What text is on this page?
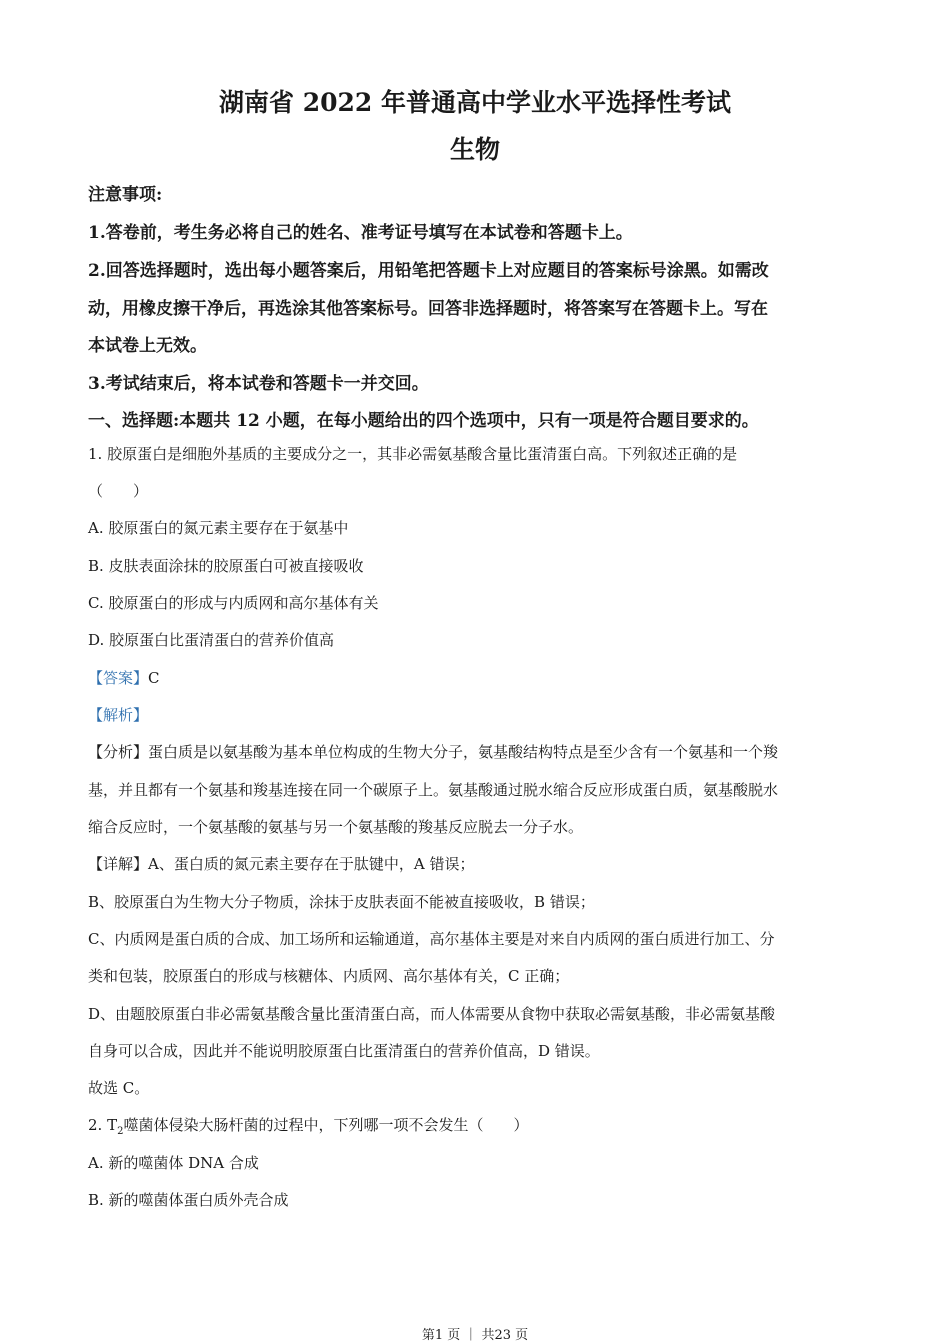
湖南省 2022 年普通高中学业水平选择性考试
生物
注意事项:
1.答卷前，考生务必将自己的姓名、准考证号填写在本试卷和答题卡上。
2.回答选择题时，选出每小题答案后，用铅笔把答题卡上对应题目的答案标号涂黑。如需改
动，用橡皮擦干净后，再选涂其他答案标号。回答非选择题时，将答案写在答题卡上。写在
本试卷上无效。
3.考试结束后，将本试卷和答题卡一并交回。
一、选择题:本题共 12 小题，在每小题给出的四个选项中，只有一项是符合题目要求的。
1. 胶原蛋白是细胞外基质的主要成分之一，其非必需氨基酸含量比蛋清蛋白高。下列叙述正确的是
（　　）
A. 胶原蛋白的氮元素主要存在于氨基中
B. 皮肤表面涂抹的胶原蛋白可被直接吸收
C. 胶原蛋白的形成与内质网和高尔基体有关
D. 胶原蛋白比蛋清蛋白的营养价值高
【答案】C
【解析】
【分析】蛋白质是以氨基酸为基本单位构成的生物大分子，氨基酸结构特点是至少含有一个氨基和一个羧
基，并且都有一个氨基和羧基连接在同一个碳原子上。氨基酸通过脱水缩合反应形成蛋白质，氨基酸脱水
缩合反应时，一个氨基酸的氨基与另一个氨基酸的羧基反应脱去一分子水。
【详解】A、蛋白质的氮元素主要存在于肽键中，A 错误；
B、胶原蛋白为生物大分子物质，涂抹于皮肤表面不能被直接吸收，B 错误；
C、内质网是蛋白质的合成、加工场所和运输通道，高尔基体主要是对来自内质网的蛋白质进行加工、分
类和包装，胶原蛋白的形成与核糖体、内质网、高尔基体有关，C 正确；
D、由题胶原蛋白非必需氨基酸含量比蛋清蛋白高，而人体需要从食物中获取必需氨基酸，非必需氨基酸
自身可以合成，因此并不能说明胶原蛋白比蛋清蛋白的营养价值高，D 错误。
故选 C。
2. $T_2$噬菌体侵染大肠杆菌的过程中，下列哪一项不会发生（　　）
A. 新的噬菌体 DNA 合成
B. 新的噬菌体蛋白质外壳合成
第1 页 ｜ 共23 页
